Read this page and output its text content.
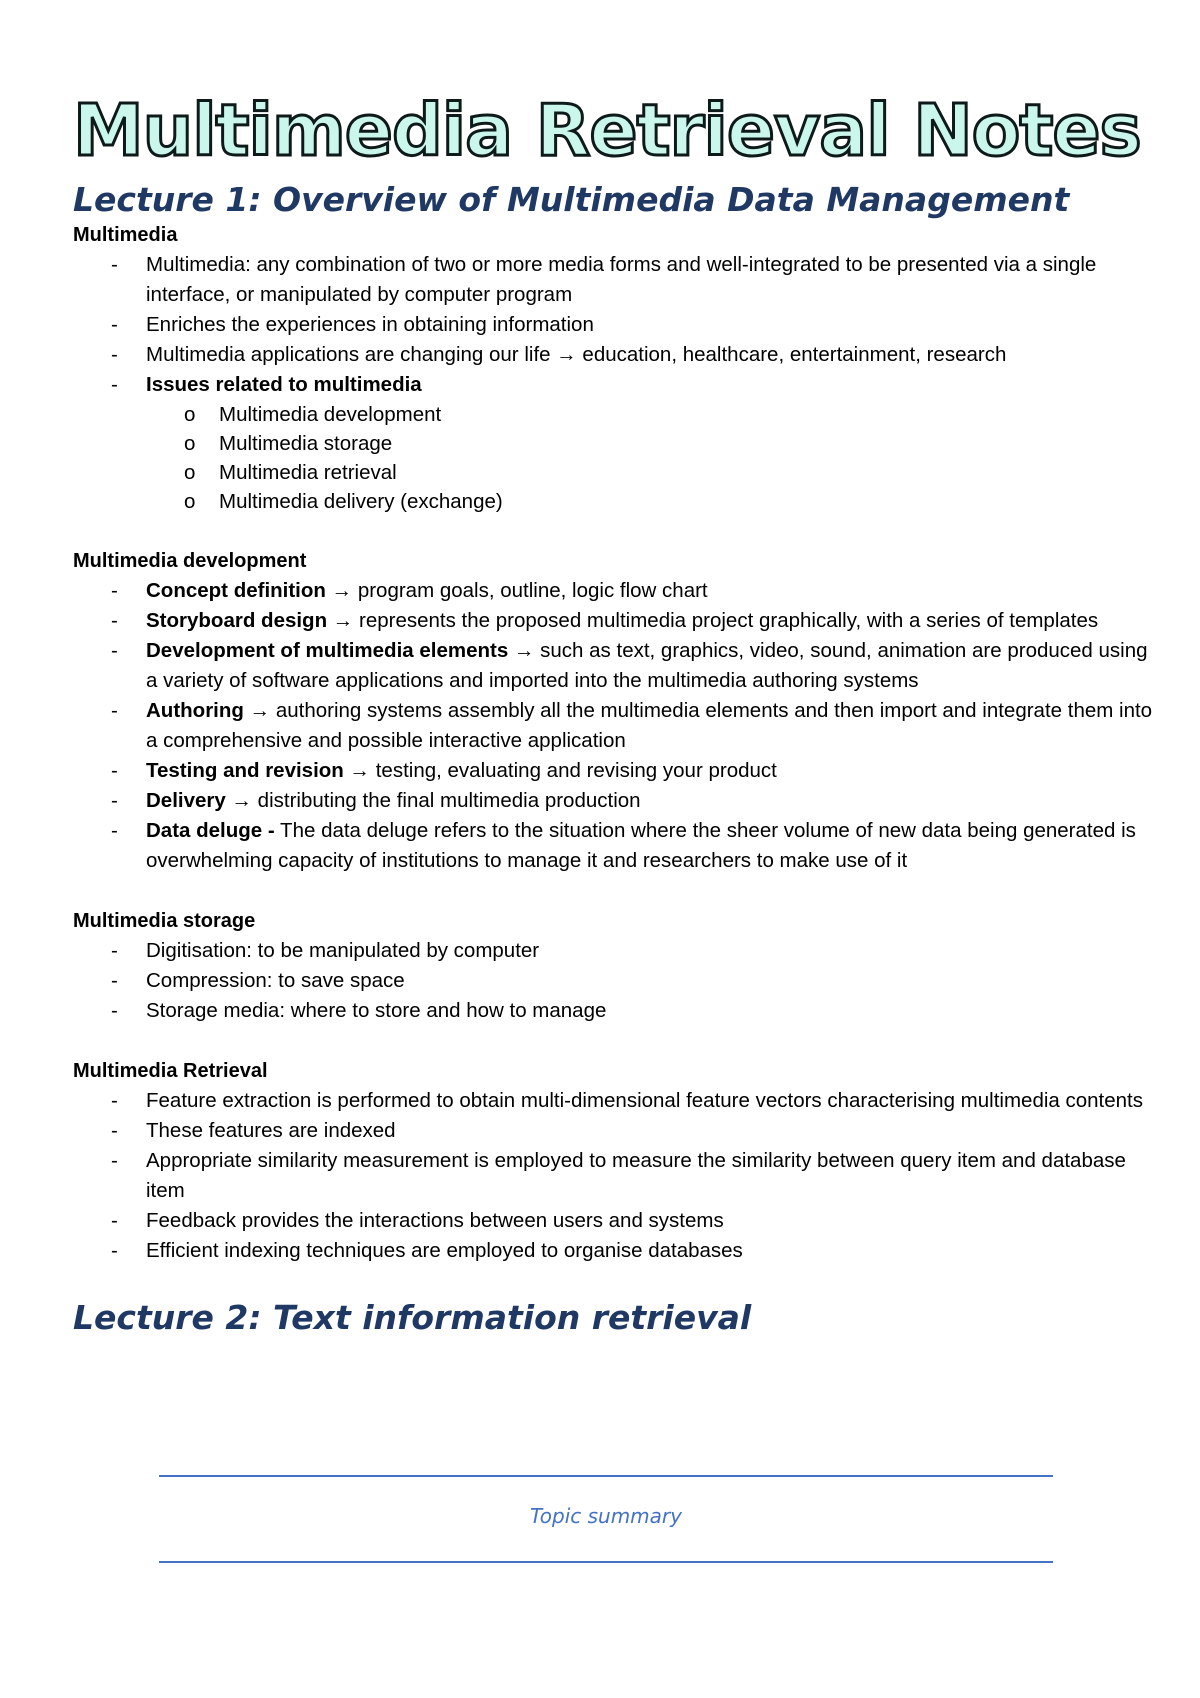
Multimedia Retrieval Notes
Lecture 1: Overview of Multimedia Data Management
Multimedia
- Multimedia: any combination of two or more media forms and well-integrated to be presented via a single interface, or manipulated by computer program
- Enriches the experiences in obtaining information
- Multimedia applications are changing our life → education, healthcare, entertainment, research
- Issues related to multimedia
o Multimedia development
o Multimedia storage
o Multimedia retrieval
o Multimedia delivery (exchange)
Multimedia development
- Concept definition → program goals, outline, logic flow chart
- Storyboard design → represents the proposed multimedia project graphically, with a series of templates
- Development of multimedia elements → such as text, graphics, video, sound, animation are produced using a variety of software applications and imported into the multimedia authoring systems
- Authoring → authoring systems assembly all the multimedia elements and then import and integrate them into a comprehensive and possible interactive application
- Testing and revision → testing, evaluating and revising your product
- Delivery → distributing the final multimedia production
- Data deluge - The data deluge refers to the situation where the sheer volume of new data being generated is overwhelming capacity of institutions to manage it and researchers to make use of it
Multimedia storage
- Digitisation: to be manipulated by computer
- Compression: to save space
- Storage media: where to store and how to manage
Multimedia Retrieval
- Feature extraction is performed to obtain multi-dimensional feature vectors characterising multimedia contents
- These features are indexed
- Appropriate similarity measurement is employed to measure the similarity between query item and database item
- Feedback provides the interactions between users and systems
- Efficient indexing techniques are employed to organise databases
Lecture 2: Text information retrieval
Topic summary
